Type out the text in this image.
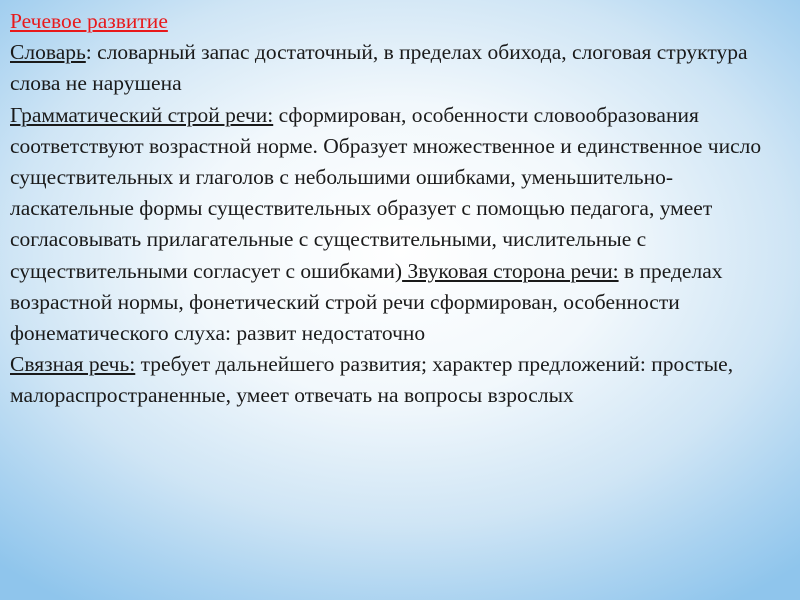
Речевое развитие

Словарь: словарный запас достаточный, в пределах обихода, слоговая структура слова не нарушена

Грамматический строй речи: сформирован, особенности словообразования соответствуют возрастной норме. Образует множественное и единственное число существительных и глаголов с небольшими ошибками, уменьшительно-ласкательные формы существительных образует с помощью педагога, умеет согласовывать прилагательные с существительными, числительные с существительными согласует с ошибками) Звуковая сторона речи: в пределах возрастной нормы, фонетический строй речи сформирован, особенности фонематического слуха: развит недостаточно

Связная речь: требует дальнейшего развития; характер предложений: простые, малораспространенные, умеет отвечать на вопросы взрослых
